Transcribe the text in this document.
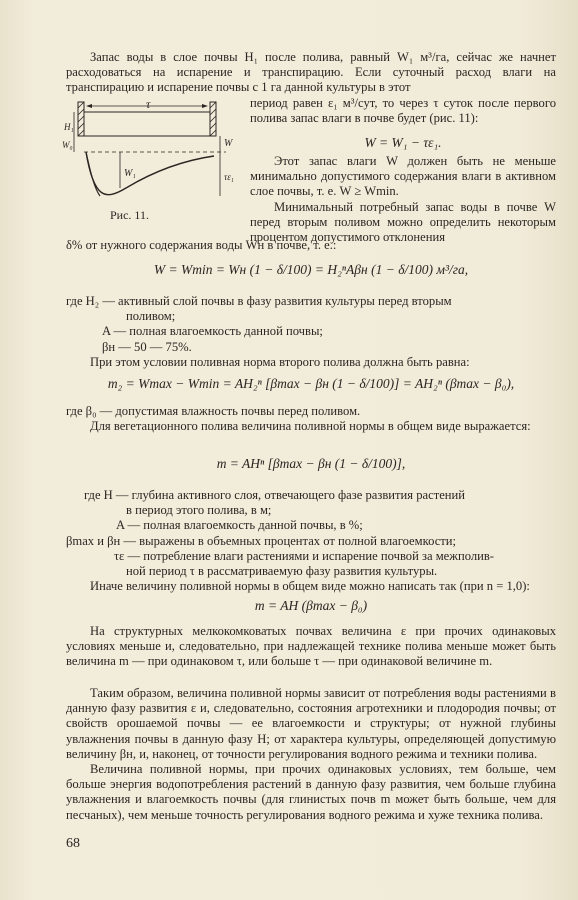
Запас воды в слое почвы H₁ после полива, равный W₁ м³/га, сейчас же начнет расходоваться на испарение и транспирацию. Если суточный расход влаги на транспирацию и испарение почвы с 1 га данной культуры в этот

τ
H₁
W₀
W₁
W
τε₁
Рис. 11.

период равен ε₁ м³/сут, то через τ суток после первого полива запас влаги в почве будет (рис. 11):

W = W₁ − τε₁.

Этот запас влаги W должен быть не меньше минимально допустимого содержания влаги в активном слое почвы, т. е. W ≥ Wmin.

Минимальный потребный запас воды в почве W перед вторым поливом можно определить некоторым процентом допустимого отклонения

δ% от нужного содержания воды Wн в почве, т. е.:

W = Wmin = Wн (1 − δ/100) = H₂ⁿAβн (1 − δ/100) м³/га,

где H₂ — активный слой почвы в фазу развития культуры перед вторым

поливом;

A — полная влагоемкость данной почвы;

βн — 50 — 75%.

При этом условии поливная норма второго полива должна быть равна:

m₂ = Wmax − Wmin = AH₂ⁿ [βmax − βн (1 − δ/100)] = AH₂ⁿ (βmax − β₀),

где β₀ — допустимая влажность почвы перед поливом.

Для вегетационного полива величина поливной нормы в общем виде выражается:

m = AHⁿ [βmax − βн (1 − δ/100)],

где H — глубина активного слоя, отвечающего фазе развития растений

в период этого полива, в м;

A — полная влагоемкость данной почвы, в %;

βmax и βн — выражены в объемных процентах от полной влагоемкости;

τε — потребление влаги растениями и испарение почвой за межполив-

ной период τ в рассматриваемую фазу развития культуры.

Иначе величину поливной нормы в общем виде можно написать так (при n = 1,0):

m = AH (βmax − β₀)

На структурных мелкокомковатых почвах величина ε при прочих одинаковых условиях меньше и, следовательно, при надлежащей технике полива меньше может быть величина m — при одинаковом τ, или больше τ — при одинаковой величине m.

Таким образом, величина поливной нормы зависит от потребления воды растениями в данную фазу развития ε и, следовательно, состояния агротехники и плодородия почвы; от свойств орошаемой почвы — ее влагоемкости и структуры; от нужной глубины увлажнения почвы в данную фазу H; от характера культуры, определяющей допустимую величину βн, и, наконец, от точности регулирования водного режима и техники полива.

Величина поливной нормы, при прочих одинаковых условиях, тем больше, чем больше энергия водопотребления растений в данную фазу развития, чем больше глубина увлажнения и влагоемкость почвы (для глинистых почв m может быть больше, чем для песчаных), чем меньше точность регулирования водного режима и хуже техника полива.

68
